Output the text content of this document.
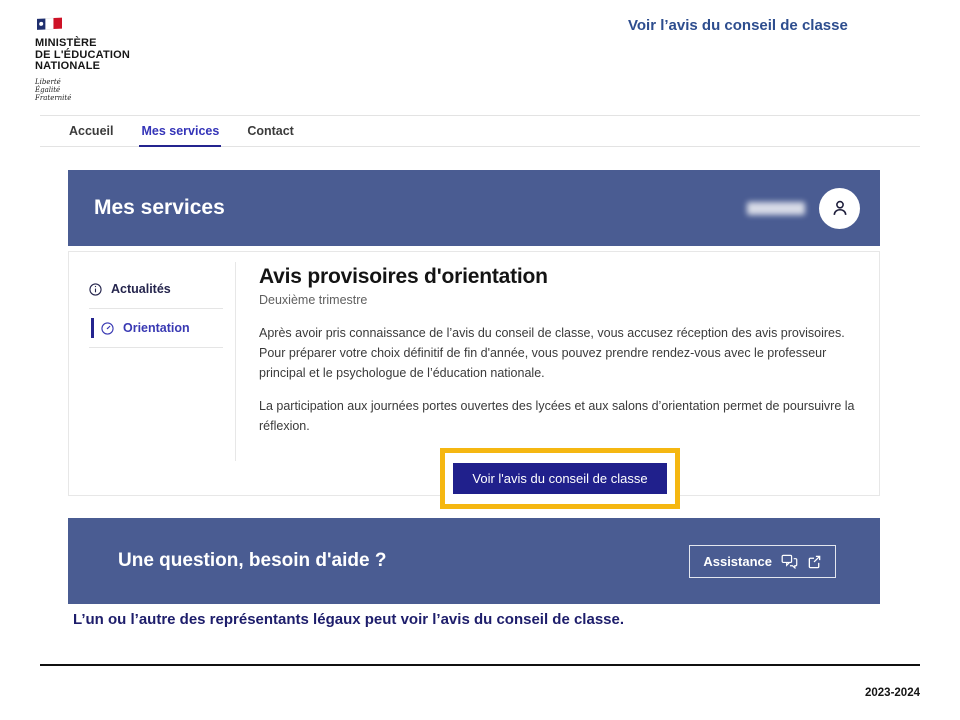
MINISTÈRE
DE L'ÉDUCATION
NATIONALE
Liberté
Égalité
Fraternité
Voir l’avis du conseil de classe
Accueil Mes services Contact
Mes services
Actualités
Orientation
Avis provisoires d'orientation
Deuxième trimestre
Après avoir pris connaissance de l’avis du conseil de classe, vous accusez réception des avis provisoires.
Pour préparer votre choix définitif de fin d'année, vous pouvez prendre rendez-vous avec le professeur principal et le psychologue de l’éducation nationale.
La participation aux journées portes ouvertes des lycées et aux salons d’orientation permet de poursuivre la réflexion.
Voir l'avis du conseil de classe
Une question, besoin d'aide ?	Assistance
L’un ou l’autre des représentants légaux peut voir l’avis du conseil de classe.
2023-2024
